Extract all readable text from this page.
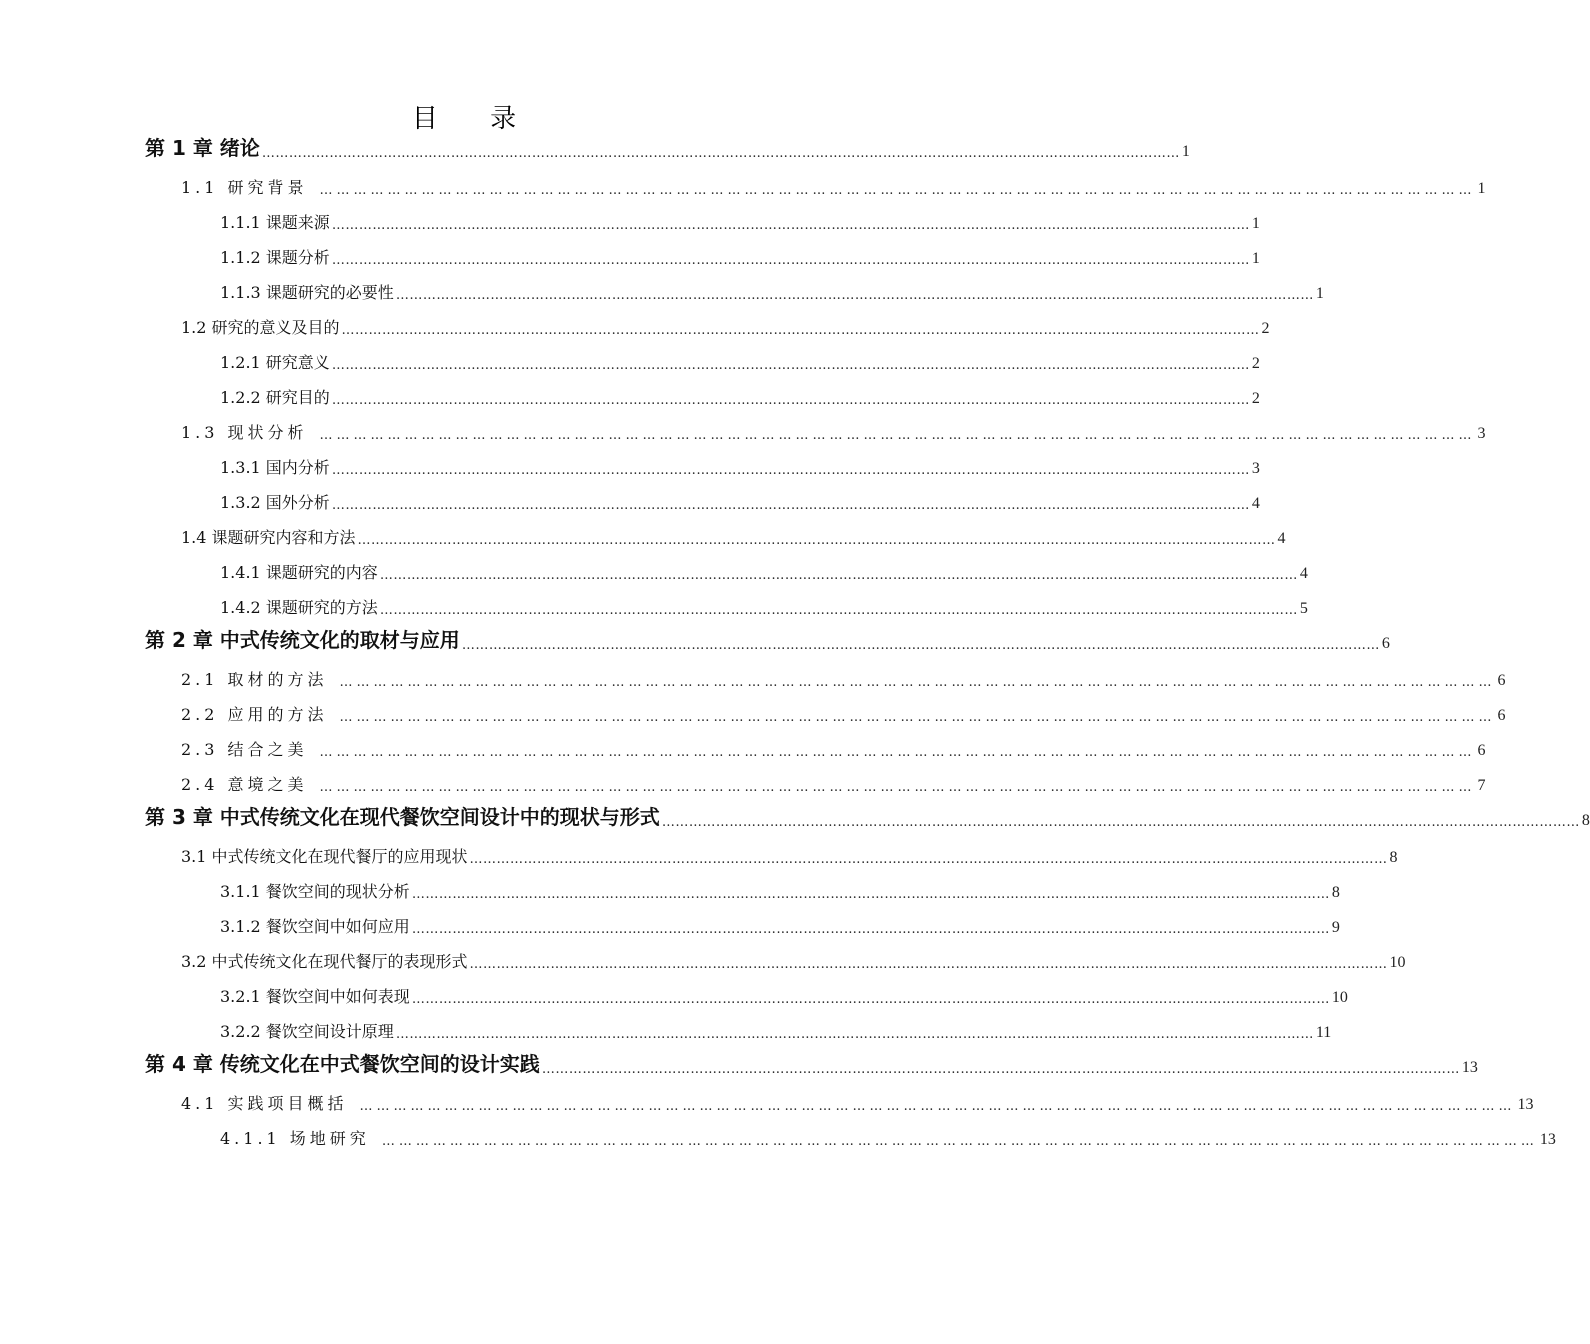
目 录
第 1 章 绪论 …………………………………………………………………………………………………………………………………………………………………………………… 1
1.1 研究背景 …………………………………………………………………………………………………………………………………………………………………………………… 1
1.1.1 课题来源 …………………………………………………………………………………………………………………………………………………………………………………… 1
1.1.2 课题分析 …………………………………………………………………………………………………………………………………………………………………………………… 1
1.1.3 课题研究的必要性 …………………………………………………………………………………………………………………………………………………………………………………… 1
1.2 研究的意义及目的 …………………………………………………………………………………………………………………………………………………………………………………… 2
1.2.1 研究意义 …………………………………………………………………………………………………………………………………………………………………………………… 2
1.2.2 研究目的 …………………………………………………………………………………………………………………………………………………………………………………… 2
1.3 现状分析 …………………………………………………………………………………………………………………………………………………………………………………… 3
1.3.1 国内分析 …………………………………………………………………………………………………………………………………………………………………………………… 3
1.3.2 国外分析 …………………………………………………………………………………………………………………………………………………………………………………… 4
1.4 课题研究内容和方法 …………………………………………………………………………………………………………………………………………………………………………………… 4
1.4.1 课题研究的内容 …………………………………………………………………………………………………………………………………………………………………………………… 4
1.4.2 课题研究的方法 …………………………………………………………………………………………………………………………………………………………………………………… 5
第 2 章 中式传统文化的取材与应用 …………………………………………………………………………………………………………………………………………………………………………………… 6
2.1 取材的方法 …………………………………………………………………………………………………………………………………………………………………………………… 6
2.2 应用的方法 …………………………………………………………………………………………………………………………………………………………………………………… 6
2.3 结合之美 …………………………………………………………………………………………………………………………………………………………………………………… 6
2.4 意境之美 …………………………………………………………………………………………………………………………………………………………………………………… 7
第 3 章 中式传统文化在现代餐饮空间设计中的现状与形式 …………………………………………………………………………………………………………………………………………………………………………………… 8
3.1 中式传统文化在现代餐厅的应用现状 …………………………………………………………………………………………………………………………………………………………………………………… 8
3.1.1 餐饮空间的现状分析 …………………………………………………………………………………………………………………………………………………………………………………… 8
3.1.2 餐饮空间中如何应用 …………………………………………………………………………………………………………………………………………………………………………………… 9
3.2 中式传统文化在现代餐厅的表现形式 …………………………………………………………………………………………………………………………………………………………………………………… 10
3.2.1 餐饮空间中如何表现 …………………………………………………………………………………………………………………………………………………………………………………… 10
3.2.2 餐饮空间设计原理 …………………………………………………………………………………………………………………………………………………………………………………… 11
第 4 章 传统文化在中式餐饮空间的设计实践 …………………………………………………………………………………………………………………………………………………………………………………… 13
4.1 实践项目概括 …………………………………………………………………………………………………………………………………………………………………………………… 13
4.1.1 场地研究 …………………………………………………………………………………………………………………………………………………………………………………… 13
